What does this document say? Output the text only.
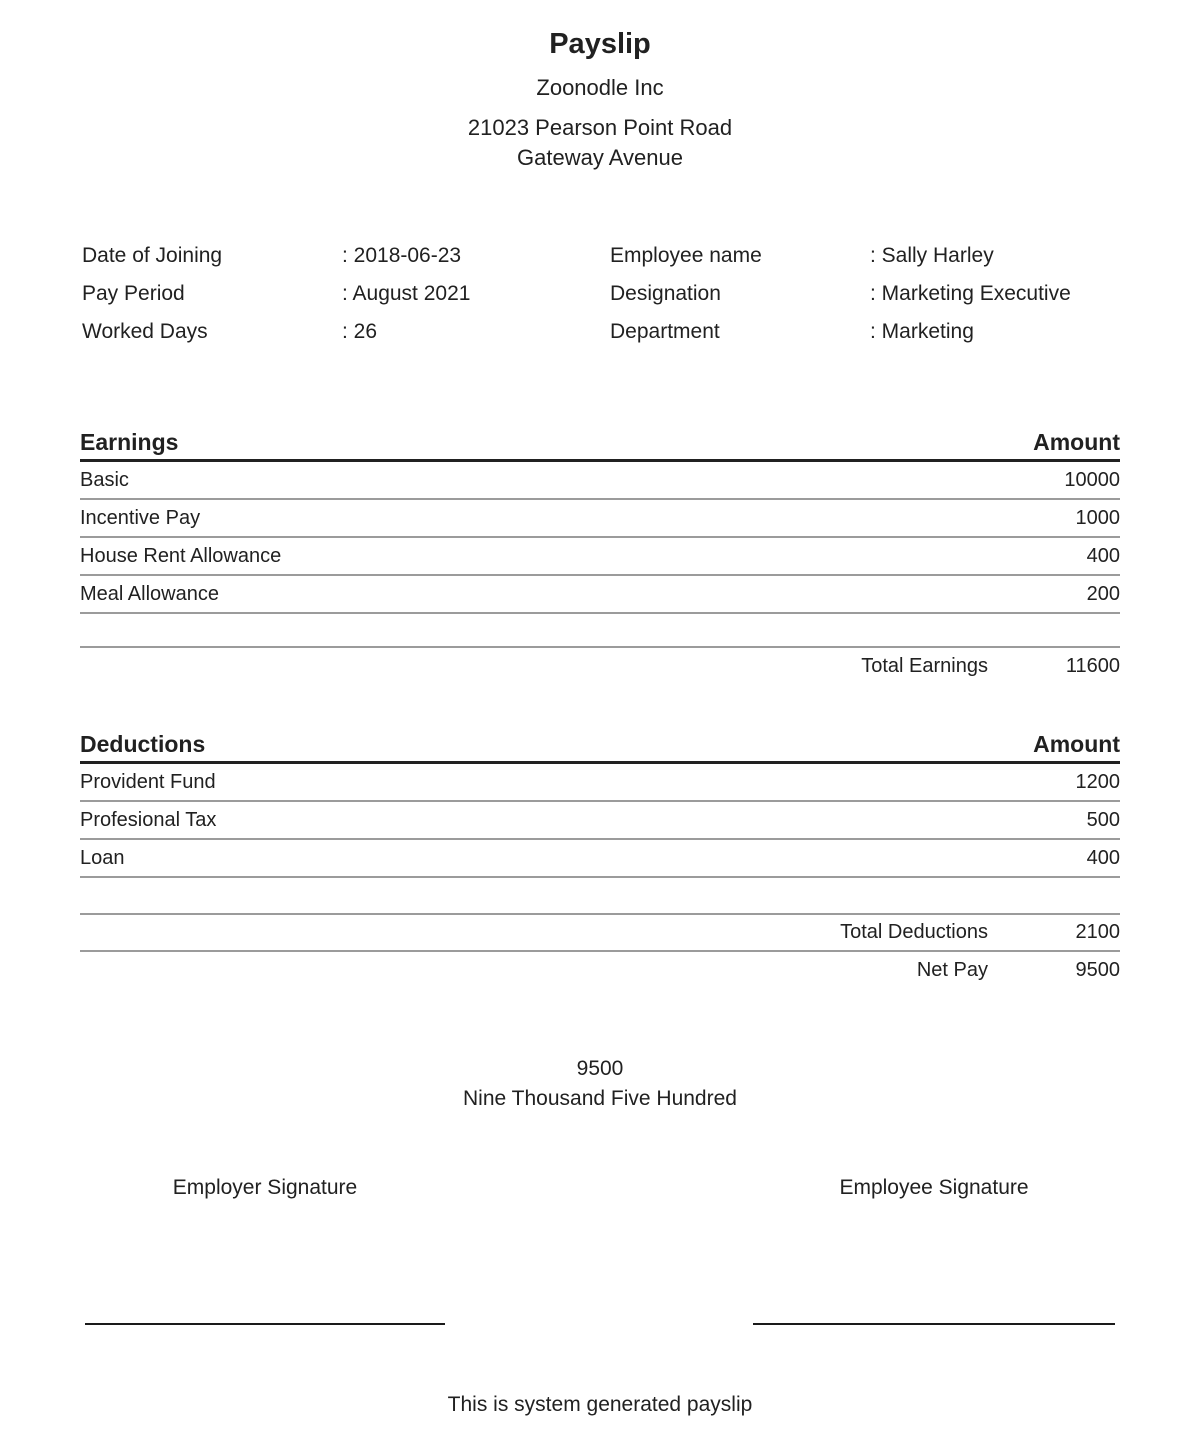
Payslip
Zoonodle Inc
21023 Pearson Point Road
Gateway Avenue
Date of Joining	: 2018-06-23	Employee name	: Sally Harley
Pay Period	: August 2021	Designation	: Marketing Executive
Worked Days	: 26	Department	: Marketing
Earnings	Amount
Basic	10000
Incentive Pay	1000
House Rent Allowance	400
Meal Allowance	200
Total Earnings	11600
Deductions	Amount
Provident Fund	1200
Profesional Tax	500
Loan	400
Total Deductions	2100
Net Pay	9500
9500
Nine Thousand Five Hundred
Employer Signature	Employee Signature
This is system generated payslip
